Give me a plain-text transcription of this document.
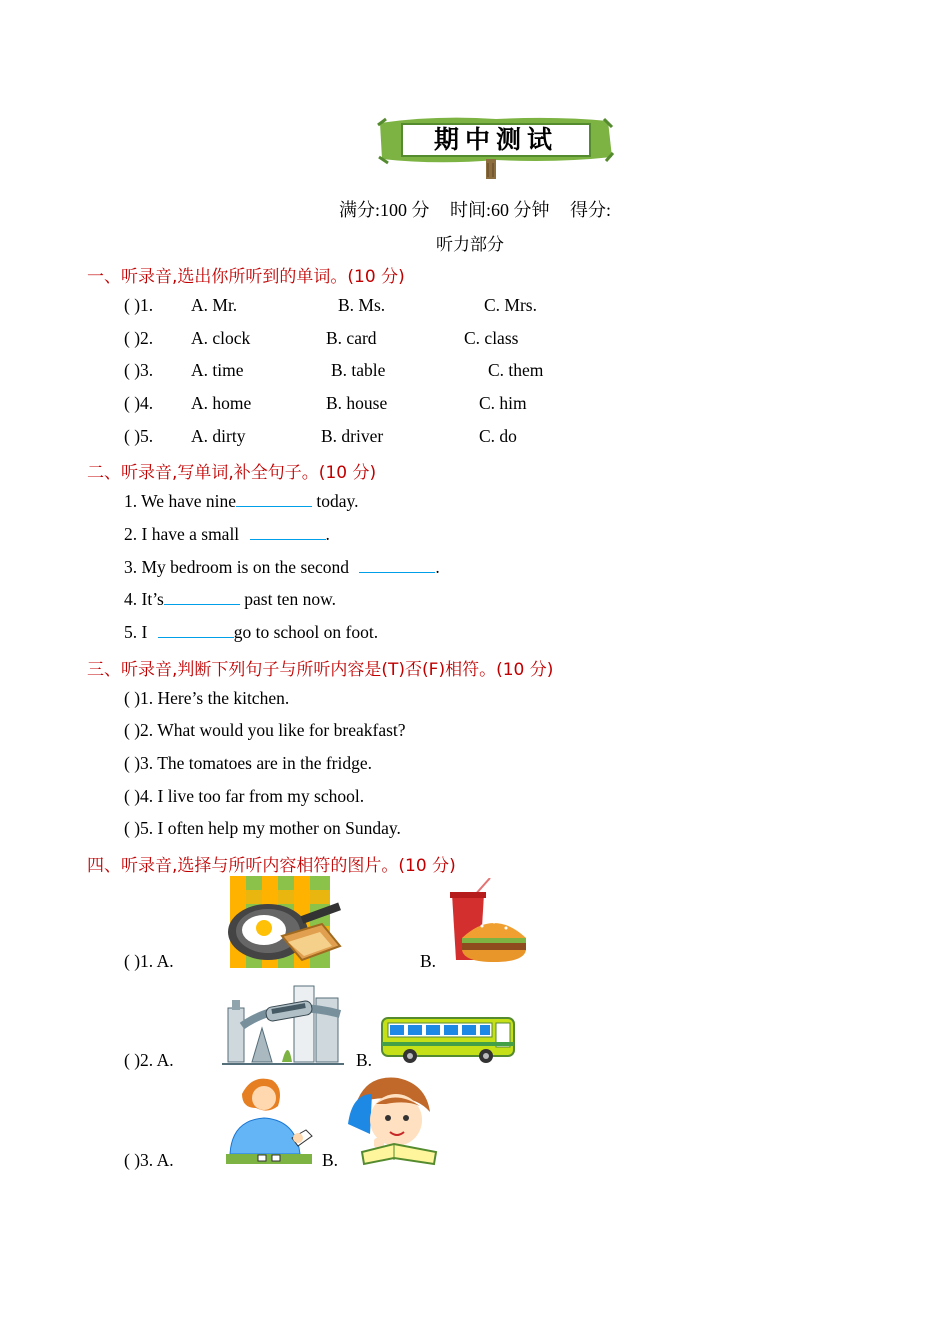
期中测试
满分:100 分 时间:60 分钟 得分:
听力部分
一、听录音,选出你所听到的单词。(10 分)
( )1. A. Mr.	B. Ms.	C. Mrs.
( )2. A. clock	B. card	C. class
( )3. A. time	B. table	C. them
( )4. A. home	B. house	C. him
( )5. A. dirty	B. driver	C. do
二、听录音,写单词,补全句子。(10 分)
1. We have nine	today.
2. I have a small	.
3. My bedroom is on the second	.
4. It’s	past ten now.
5. I	go to school on foot.
三、听录音,判断下列句子与所听内容是(T)否(F)相符。(10 分)
( )1. Here’s the kitchen.
( )2. What would you like for breakfast?
( )3. The tomatoes are in the fridge.
( )4. I live too far from my school.
( )5. I often help my mother on Sunday.
四、听录音,选择与所听内容相符的图片。(10 分)
( )1. A.	B.
( )2. A.	B.
( )3. A.	B.
